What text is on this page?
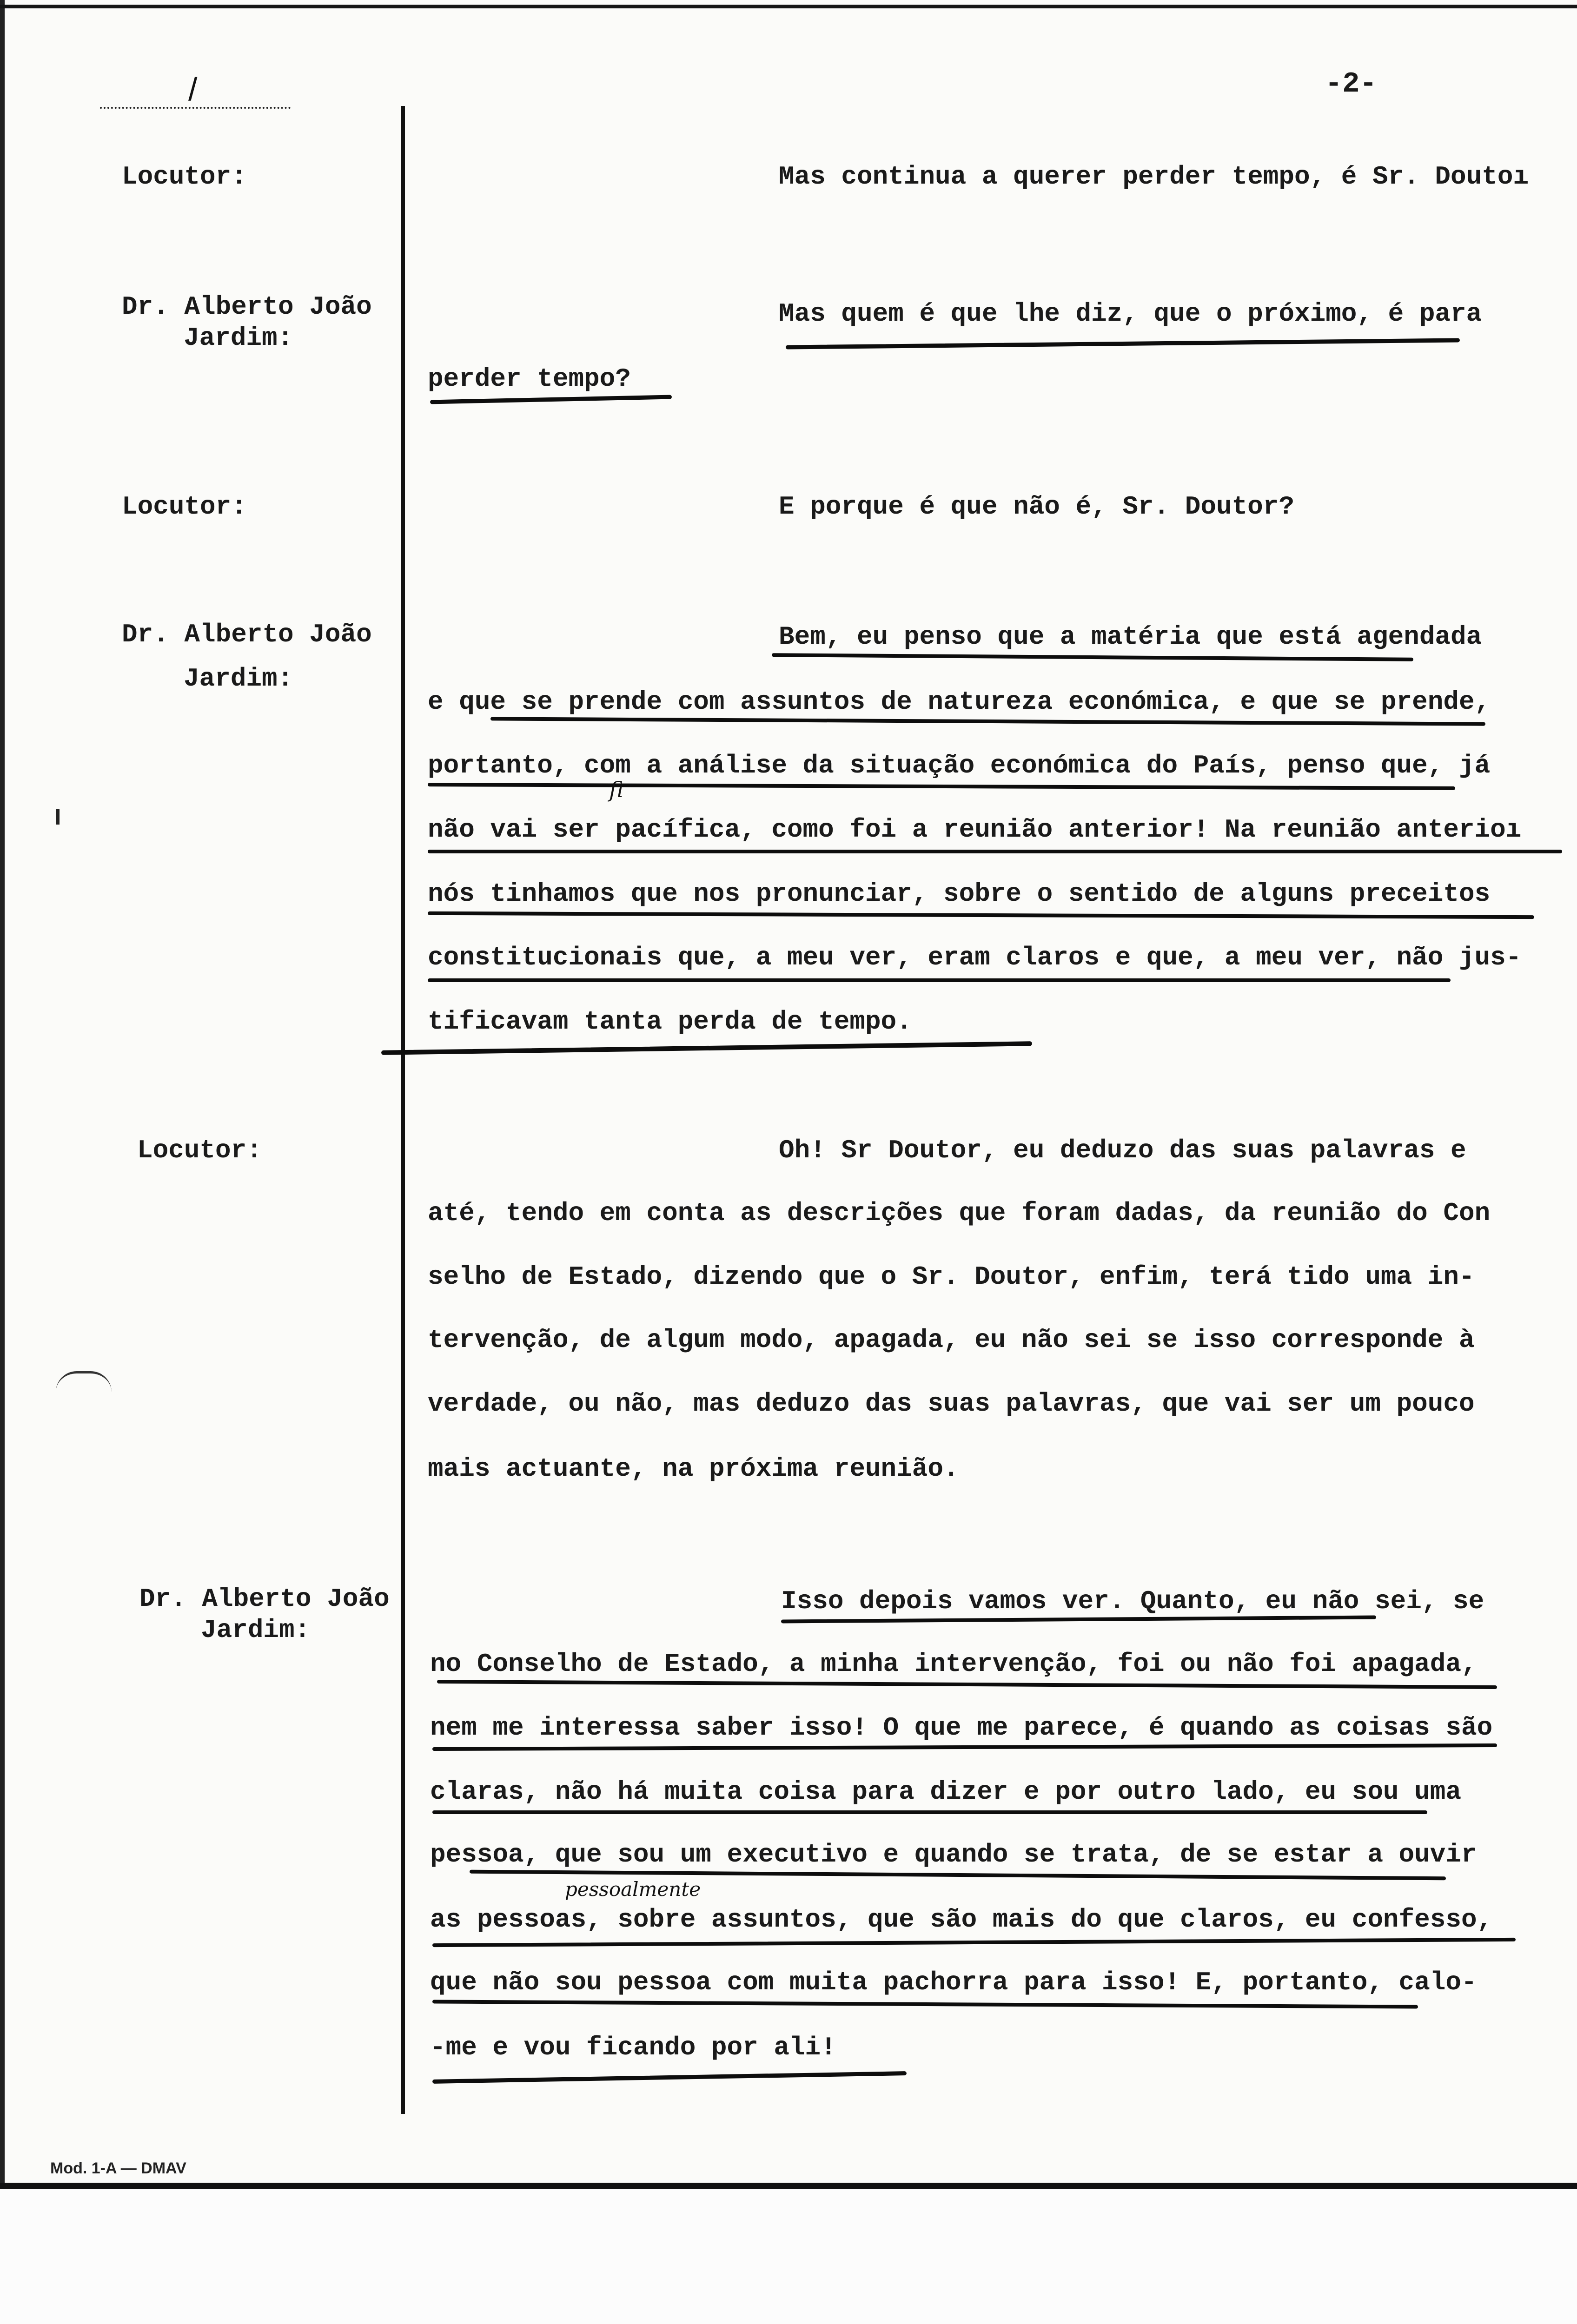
/	-2-
Locutor:	Mas continua a querer perder tempo, é Sr. Doutoı
Dr. Alberto João
Jardim:
Mas quem é que lhe diz, que o próximo, é para
perder tempo?
Locutor:	E porque é que não é, Sr. Doutor?
Dr. Alberto João
Jardim:
Bem, eu penso que a matéria que está agendada
e que se prende com assuntos de natureza económica, e que se prende,
portanto, com a análise da situação económica do País, penso que, já
não vai ser pacífica, como foi a reunião anterior! Na reunião anterioı
nós tinhamos que nos pronunciar, sobre o sentido de alguns preceitos
constitucionais que, a meu ver, eram claros e que, a meu ver, não jus-
tificavam tanta perda de tempo.
Locutor:	Oh! Sr Doutor, eu deduzo das suas palavras e
até, tendo em conta as descrições que foram dadas, da reunião do Con
selho de Estado, dizendo que o Sr. Doutor, enfim, terá tido uma in-
tervenção, de algum modo, apagada, eu não sei se isso corresponde à
verdade, ou não, mas deduzo das suas palavras, que vai ser um pouco
mais actuante, na próxima reunião.
Dr. Alberto João
Jardim:
Isso depois vamos ver. Quanto, eu não sei, se
no Conselho de Estado, a minha intervenção, foi ou não foi apagada,
nem me interessa saber isso! O que me parece, é quando as coisas são
claras, não há muita coisa para dizer e por outro lado, eu sou uma
pessoa, que sou um executivo e quando se trata, de se estar a ouvir
as pessoas, sobre assuntos, que são mais do que claros, eu confesso,
que não sou pessoa com muita pachorra para isso! E, portanto, calo-
-me e vou ficando por ali!
fi
pessoalmente
Mod. 1-A — DMAV
